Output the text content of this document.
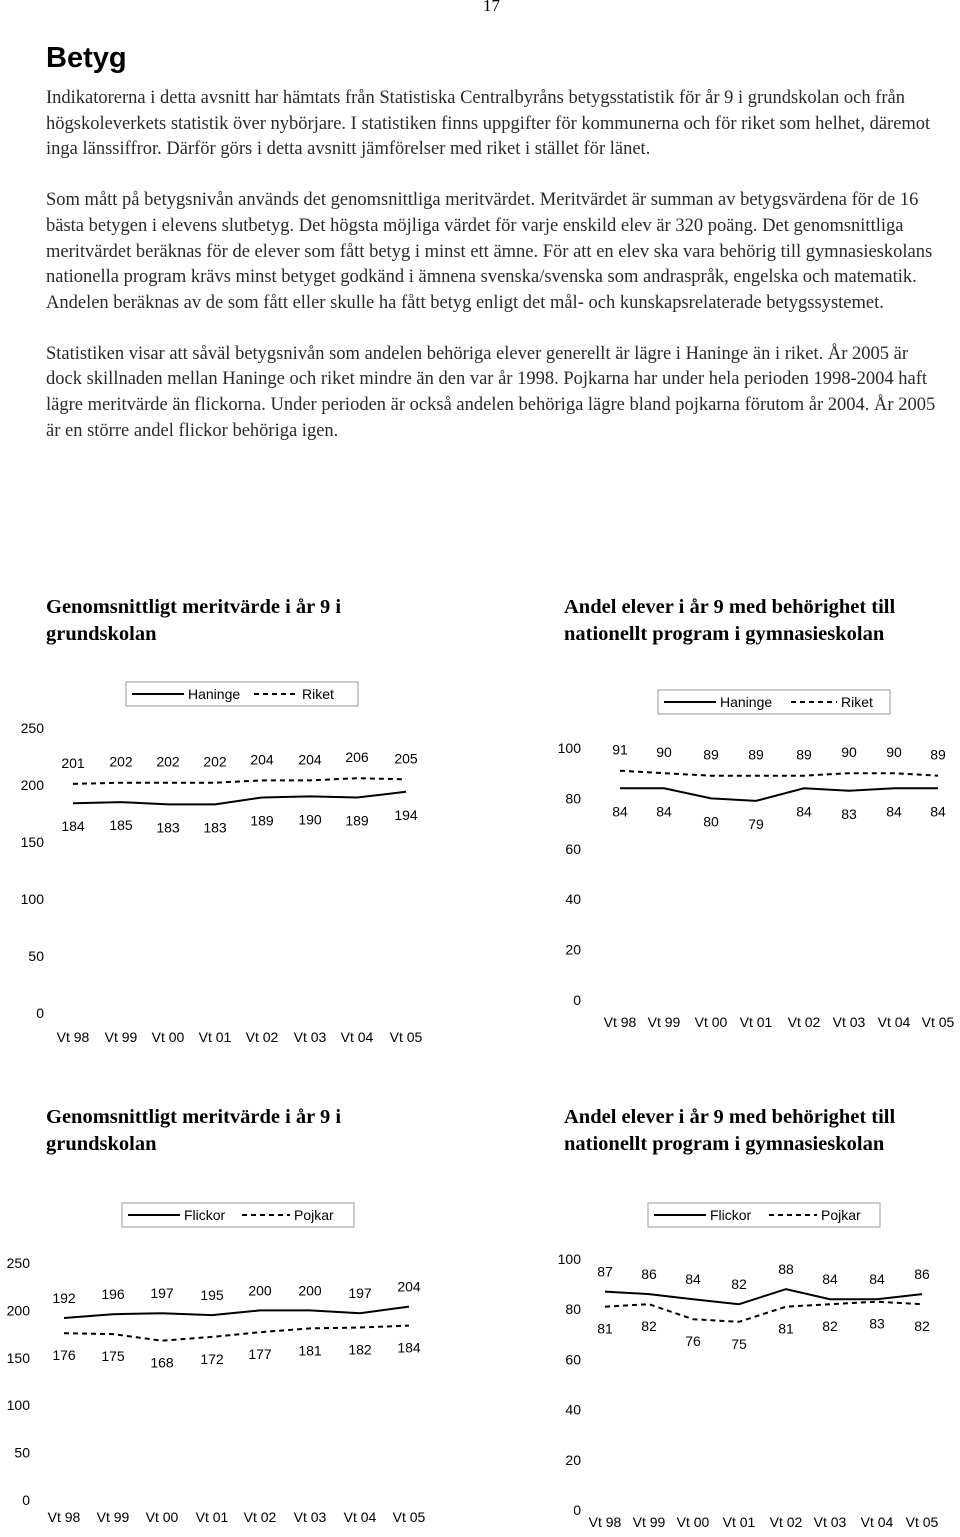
17
Betyg

Indikatorerna i detta avsnitt har hämtats från Statistiska Centralbyråns betygsstatistik för år 9 i grundskolan och från högskoleverkets statistik över nybörjare. I statistiken finns uppgifter för kommunerna och för riket som helhet, däremot inga länssiffror. Därför görs i detta avsnitt jämförelser med riket i stället för länet.

Som mått på betygsnivån används det genomsnittliga meritvärdet. Meritvärdet är summan av betygsvärdena för de 16 bästa betygen i elevens slutbetyg. Det högsta möjliga värdet för varje enskild elev är 320 poäng. Det genomsnittliga meritvärdet beräknas för de elever som fått betyg i minst ett ämne. För att en elev ska vara behörig till gymnasieskolans nationella program krävs minst betyget godkänd i ämnena svenska/svenska som andraspråk, engelska och matematik. Andelen beräknas av de som fått eller skulle ha fått betyg enligt det mål- och kunskapsrelaterade betygssystemet.

Statistiken visar att såväl betygsnivån som andelen behöriga elever generellt är lägre i Haninge än i riket. År 2005 är dock skillnaden mellan Haninge och riket mindre än den var år 1998. Pojkarna har under hela perioden 1998-2004 haft lägre meritvärde än flickorna. Under perioden är också andelen behöriga lägre bland pojkarna förutom år 2004. År 2005 är en större andel flickor behöriga igen.

Genomsnittligt meritvärde i år 9 i grundskolan
Andel elever i år 9 med behörighet till nationellt program i gymnasieskolan
Genomsnittligt meritvärde i år 9 i grundskolan
Andel elever i år 9 med behörighet till nationellt program i gymnasieskolan
250
200
150
100
50
0
Vt 98 Vt 99 Vt 00 Vt 01 Vt 02 Vt 03 Vt 04 Vt 05
Haninge	Riket
184 185 183 183 189 190 189 194
201 202 202 202 204 204 206 205
100
80
60
40
20
0
Vt 98 Vt 99 Vt 00 Vt 01 Vt 02 Vt 03 Vt 04 Vt 05
Haninge	Riket
84 84
80 79
84 83 84 84
91 90 89 89 89 90 90 89
250
200
150
100
50
0
Vt 98 Vt 99 Vt 00 Vt 01 Vt 02 Vt 03 Vt 04 Vt 05
Flickor	Pojkar
192 196 197 195 200 200 197 204
176 175 168 172 177 181 182 184
100
80
60
40
20
0
Vt 98 Vt 99 Vt 00 Vt 01 Vt 02 Vt 03 Vt 04 Vt 05
Flickor	Pojkar
87 86 84 82
88
84 84 86
81 82
76 75
81 82 83 82
